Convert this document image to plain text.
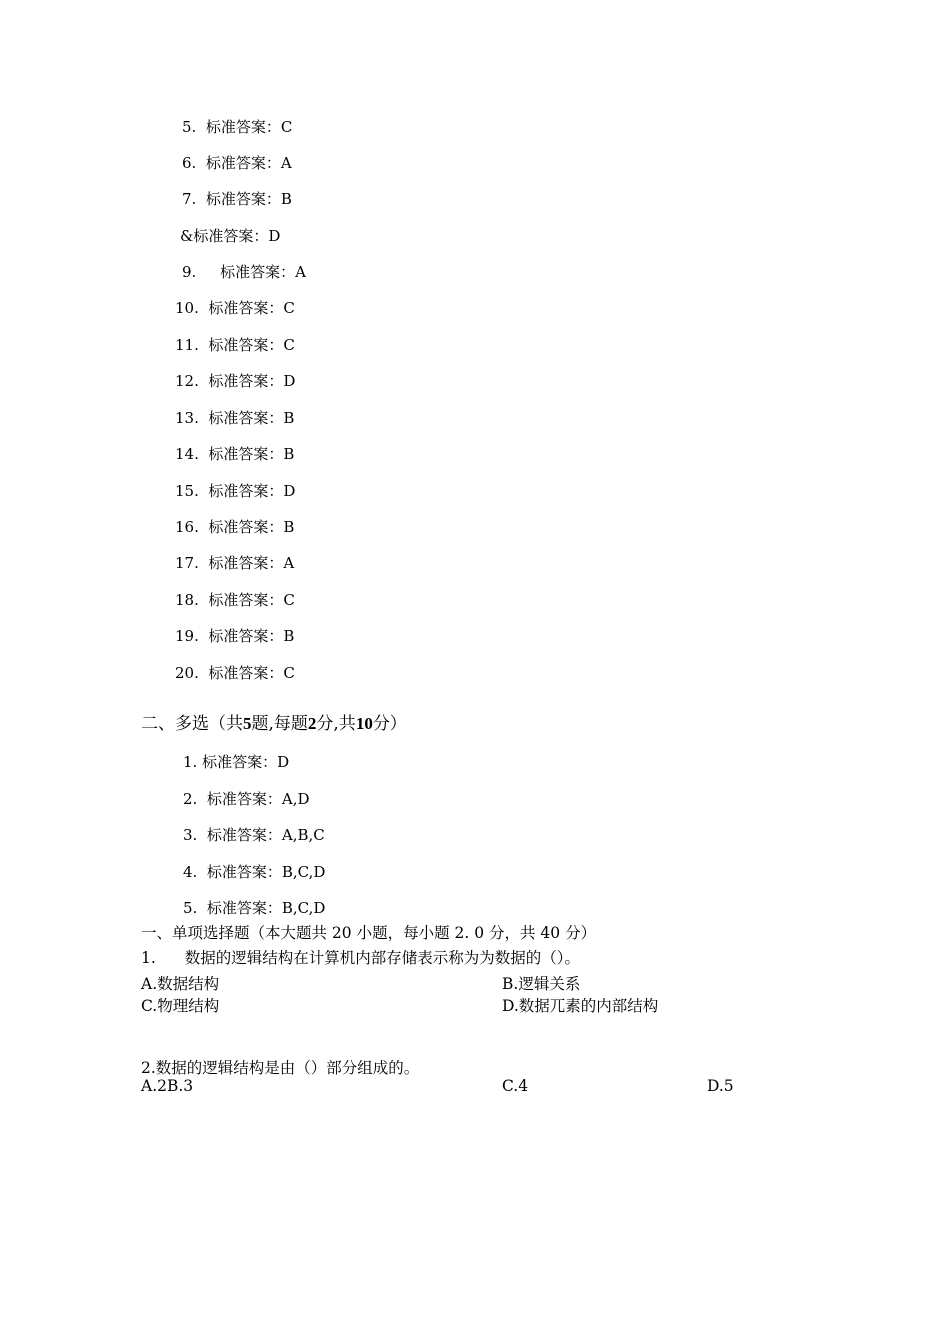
5. 标准答案：C
6. 标准答案：A
7. 标准答案：B
&标准答案：D
9. 标准答案：A
10. 标准答案：C
11. 标准答案：C
12. 标准答案：D
13. 标准答案：B
14. 标准答案：B
15. 标准答案：D
16. 标准答案：B
17. 标准答案：A
18. 标准答案：C
19. 标准答案：B
20. 标准答案：C
二、多选（共5题,每题2分,共10分）
1. 标准答案：D
2. 标准答案：A,D
3. 标准答案：A,B,C
4. 标准答案：B,C,D
5. 标准答案：B,C,D
一、单项选择题（本大题共 20 小题，每小题 2. 0 分，共 40 分）
1. 数据的逻辑结构在计算机内部存储表示称为为数据的（）。
A.数据结构	B.逻辑关系
C.物理结构	D.数据兀素的内部结构
2.数据的逻辑结构是由（）部分组成的。
A.2B.3	C.4	D.5
